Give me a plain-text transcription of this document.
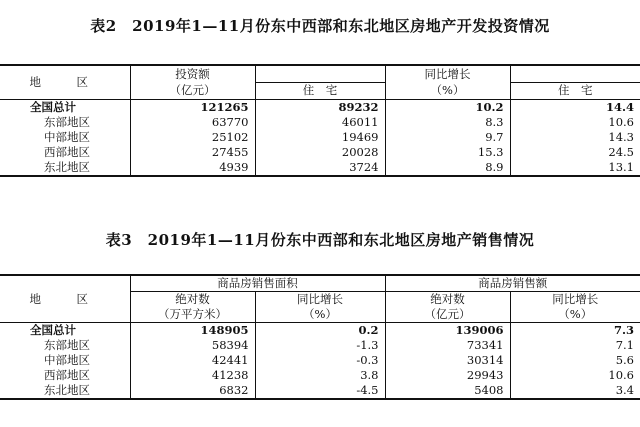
表2　2019年1—11月份东中西部和东北地区房地产开发投资情况
地　区	投资额		同比增长	
	（亿元）	住　宅	（%）	住　宅
全国总计	121265	89232	10.2	14.4
东部地区	63770	46011	8.3	10.6
中部地区	25102	19469	9.7	14.3
西部地区	27455	20028	15.3	24.5
东北地区	4939	3724	8.9	13.1
表3　2019年1—11月份东中西部和东北地区房地产销售情况
地　区	商品房销售面积		商品房销售额	
	绝对数	同比增长	绝对数	同比增长
	（万平方米）	（%）	（亿元）	（%）
全国总计	148905	0.2	139006	7.3
东部地区	58394	-1.3	73341	7.1
中部地区	42441	-0.3	30314	5.6
西部地区	41238	3.8	29943	10.6
东北地区	6832	-4.5	5408	3.4
